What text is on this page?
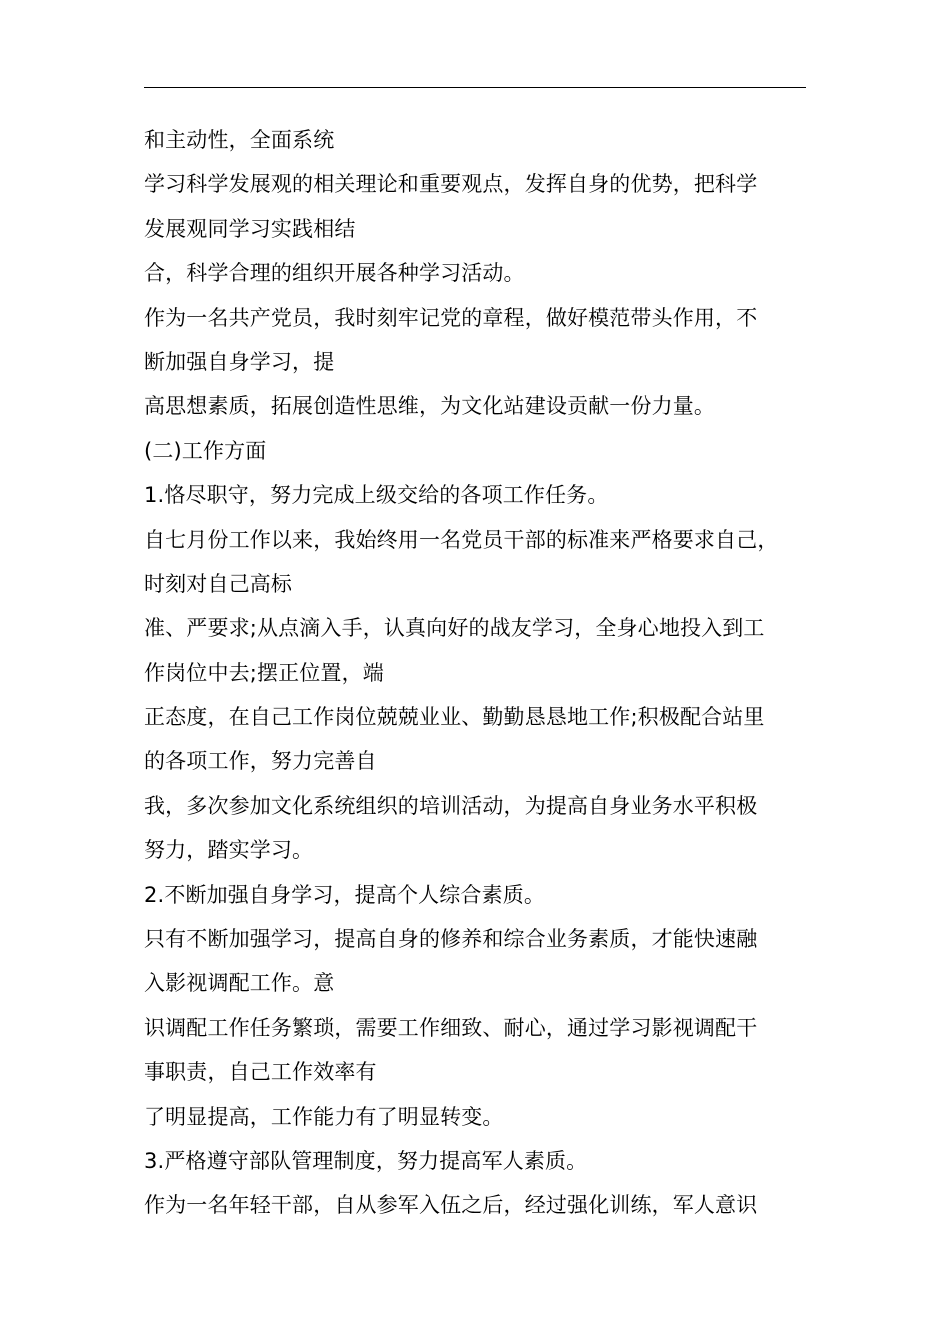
和主动性，全面系统
学习科学发展观的相关理论和重要观点，发挥自身的优势，把科学
发展观同学习实践相结
合，科学合理的组织开展各种学习活动。
作为一名共产党员，我时刻牢记党的章程，做好模范带头作用，不
断加强自身学习，提
高思想素质，拓展创造性思维，为文化站建设贡献一份力量。
(二)工作方面
1.恪尽职守，努力完成上级交给的各项工作任务。
自七月份工作以来，我始终用一名党员干部的标准来严格要求自己，
时刻对自己高标
准、严要求;从点滴入手，认真向好的战友学习，全身心地投入到工
作岗位中去;摆正位置，端
正态度，在自己工作岗位兢兢业业、勤勤恳恳地工作;积极配合站里
的各项工作，努力完善自
我，多次参加文化系统组织的培训活动，为提高自身业务水平积极
努力，踏实学习。
2.不断加强自身学习，提高个人综合素质。
只有不断加强学习，提高自身的修养和综合业务素质，才能快速融
入影视调配工作。意
识调配工作任务繁琐，需要工作细致、耐心，通过学习影视调配干
事职责，自己工作效率有
了明显提高，工作能力有了明显转变。
3.严格遵守部队管理制度，努力提高军人素质。
作为一名年轻干部，自从参军入伍之后，经过强化训练，军人意识
